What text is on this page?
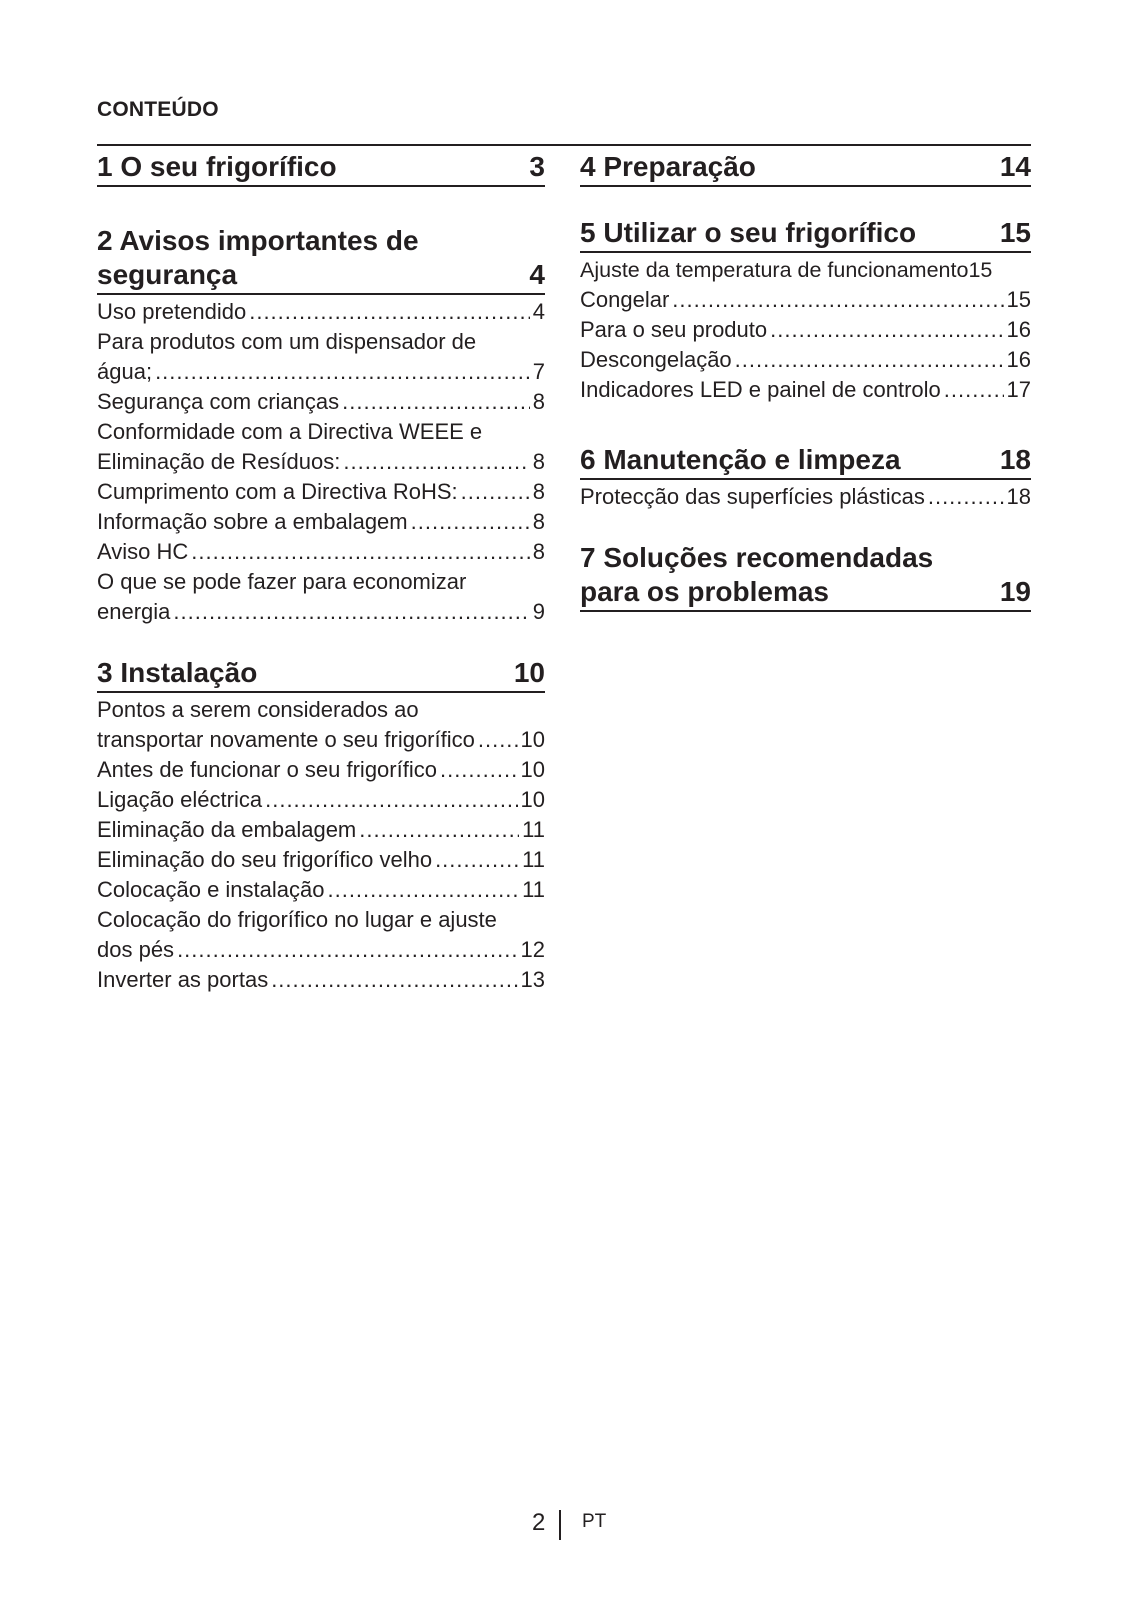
CONTEÚDO
1 O seu frigorífico	3
2 Avisos importantes de
segurança	4
Uso pretendido .....	4
Para produtos com um dispensador de
água; .....	7
Segurança com crianças .....	8
Conformidade com a Directiva WEEE e
Eliminação de Resíduos: .....	8
Cumprimento com a Directiva RoHS: .....	8
Informação sobre a embalagem .....	8
Aviso HC .....	8
O que se pode fazer para economizar
energia .....	9
3 Instalação	10
Pontos a serem considerados ao
transportar novamente o seu frigorífico ..... 10
Antes de funcionar o seu frigorífico .....	10
Ligação eléctrica .....	10
Eliminação da embalagem .....	11
Eliminação do seu frigorífico velho .....	11
Colocação e instalação .....	11
Colocação do frigorífico no lugar e ajuste
dos pés .....	12
Inverter as portas .....	13
4 Preparação	14
5 Utilizar o seu frigorífico	15
Ajuste da temperatura de funcionamento 15
Congelar .....	15
Para o seu produto .....	16
Descongelação .....	16
Indicadores LED e painel de controlo .....	17
6 Manutenção e limpeza	18
Protecção das superfícies plásticas .....	18
7 Soluções recomendadas
para os problemas	19
2 PT
